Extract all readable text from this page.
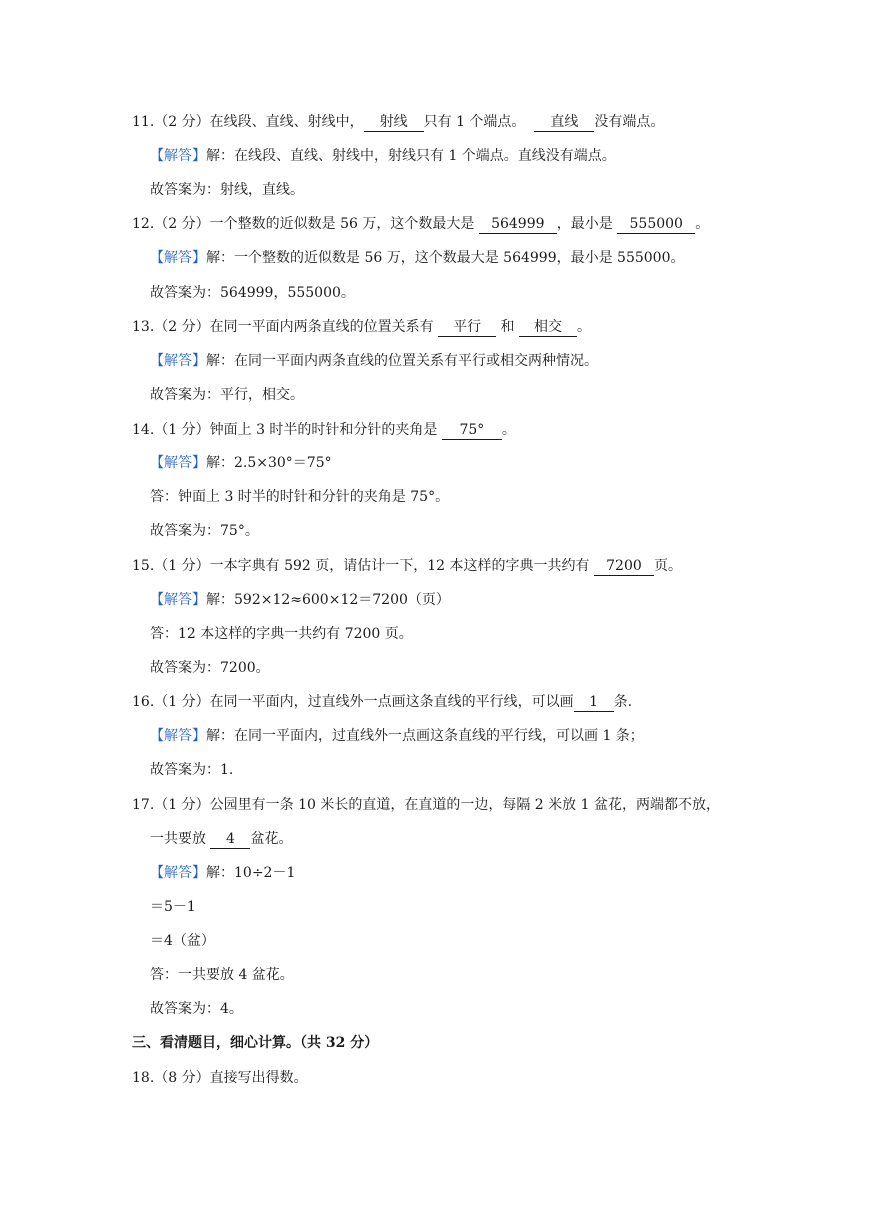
11.（2 分）在线段、直线、射线中， 射线 只有 1 个端点。 直线 没有端点。
【解答】解：在线段、直线、射线中，射线只有 1 个端点。直线没有端点。
故答案为：射线，直线。
12.（2 分）一个整数的近似数是 56 万，这个数最大是 564999 ，最小是 555000 。
【解答】解：一个整数的近似数是 56 万，这个数最大是 564999，最小是 555000。
故答案为：564999，555000。
13.（2 分）在同一平面内两条直线的位置关系有 平行 和 相交 。
【解答】解：在同一平面内两条直线的位置关系有平行或相交两种情况。
故答案为：平行，相交。
14.（1 分）钟面上 3 时半的时针和分针的夹角是 75° 。
【解答】解：2.5×30°＝75°
答：钟面上 3 时半的时针和分针的夹角是 75°。
故答案为：75°。
15.（1 分）一本字典有 592 页，请估计一下，12 本这样的字典一共约有 7200 页。
【解答】解：592×12≈600×12＝7200（页）
答：12 本这样的字典一共约有 7200 页。
故答案为：7200。
16.（1 分）在同一平面内，过直线外一点画这条直线的平行线，可以画 1 条.
【解答】解：在同一平面内，过直线外一点画这条直线的平行线，可以画 1 条；
故答案为：1.
17.（1 分）公园里有一条 10 米长的直道，在直道的一边，每隔 2 米放 1 盆花，两端都不放，
一共要放 4 盆花。
【解答】解：10÷2－1
＝5－1
＝4（盆）
答：一共要放 4 盆花。
故答案为：4。
三、看清题目，细心计算。（共 32 分）
18.（8 分）直接写出得数。
